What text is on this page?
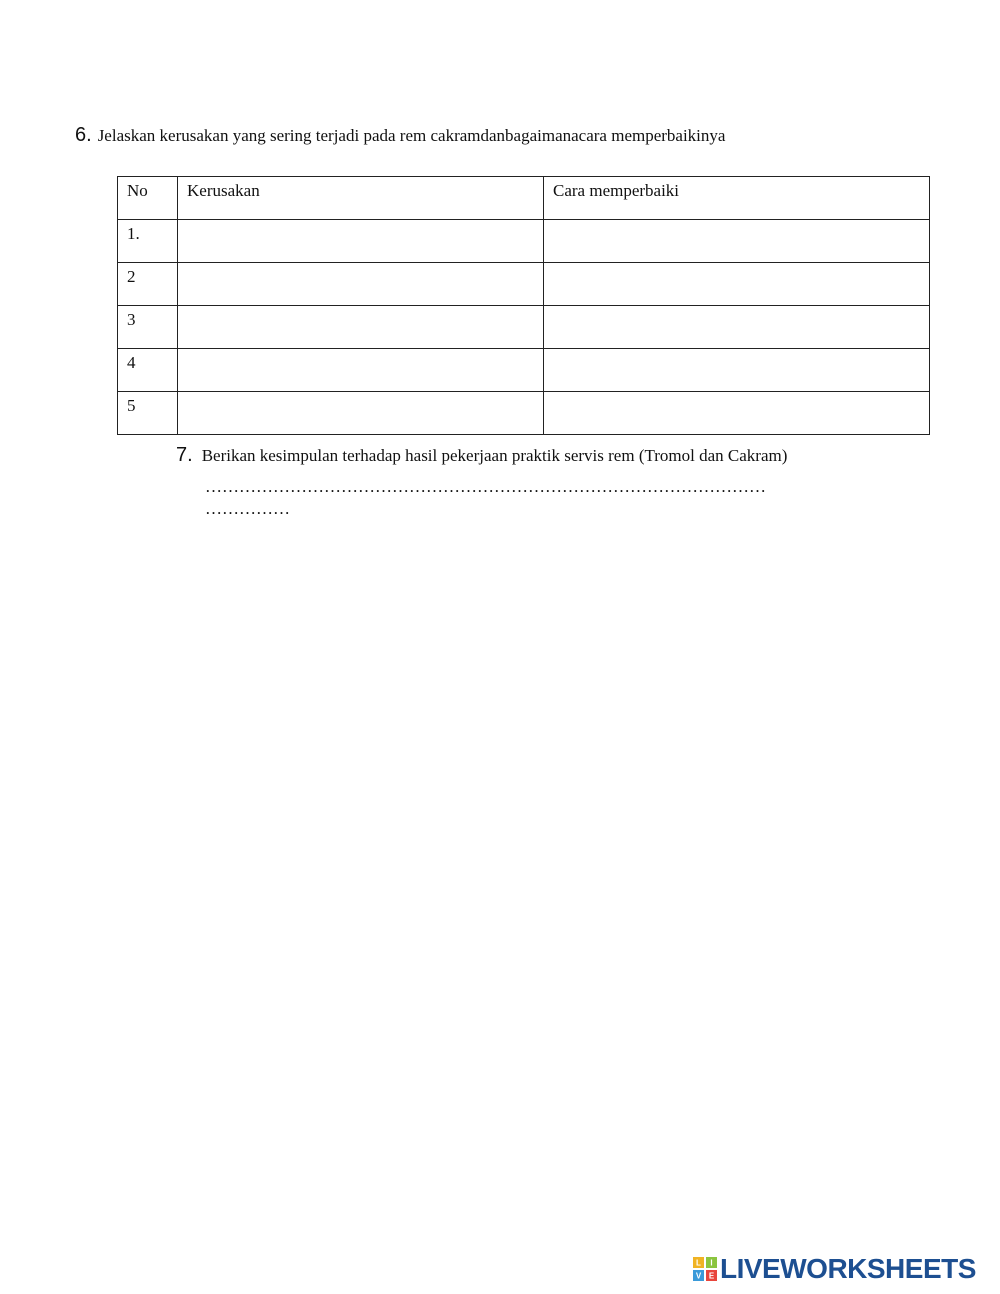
6. Jelaskan kerusakan yang sering terjadi pada rem cakramdanbagaimanacara memperbaikinya
No	Kerusakan	Cara memperbaiki
1.		
2		
3		
4		
5		
7. Berikan kesimpulan terhadap hasil pekerjaan praktik servis rem (Tromol dan Cakram)
………………………………………………………………………………………
……………
L I
V E LIVEWORKSHEETS
